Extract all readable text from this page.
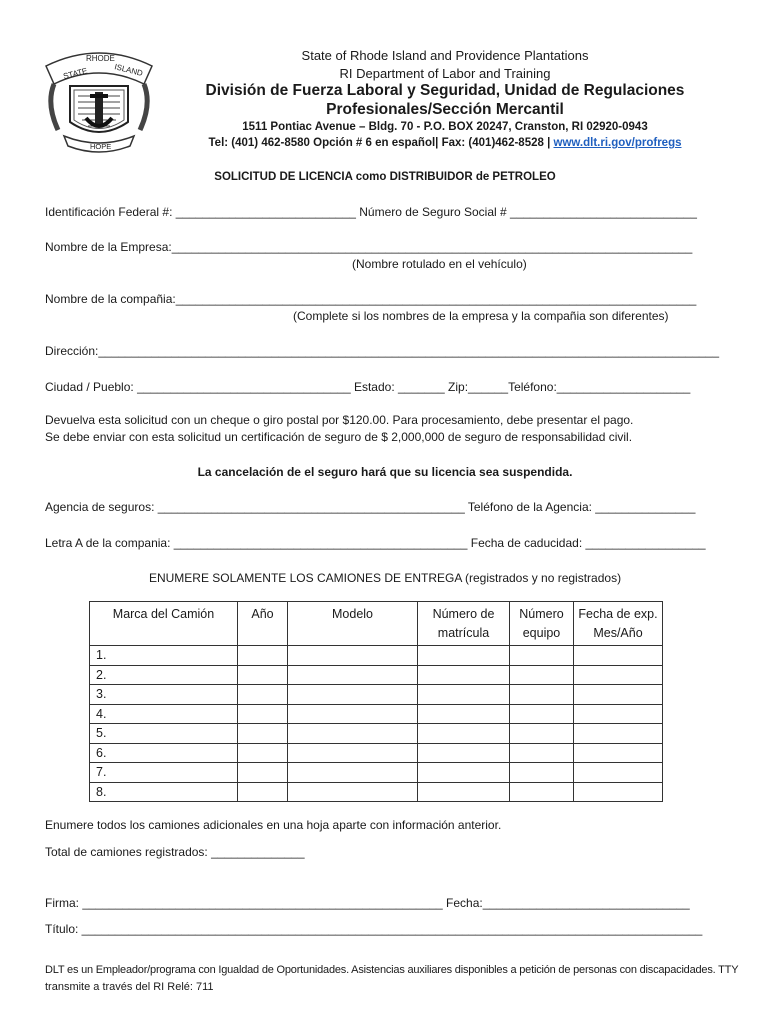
STATE
RHODE
ISLAND
HOPE
State of Rhode Island and Providence Plantations
RI Department of Labor and Training
División de Fuerza Laboral y Seguridad, Unidad de Regulaciones
Profesionales/Sección Mercantil
1511 Pontiac Avenue – Bldg. 70 - P.O. BOX 20247, Cranston, RI 02920-0943
Tel: (401) 462-8580 Opción # 6 en español| Fax: (401)462-8528 | www.dlt.ri.gov/profregs
SOLICITUD DE LICENCIA como DISTRIBUIDOR de PETROLEO
Identificación Federal #: ___________________________ Número de Seguro Social # ____________________________
Nombre de la Empresa:______________________________________________________________________________
(Nombre rotulado en el vehículo)
Nombre de la compañia:______________________________________________________________________________
(Complete si los nombres de la empresa y la compañia son diferentes)
Dirección:_____________________________________________________________________________________________
Ciudad / Pueblo: ________________________________ Estado: _______ Zip:______Teléfono:____________________
Devuelva esta solicitud con un cheque o giro postal por $120.00. Para procesamiento, debe presentar el pago.
Se debe enviar con esta solicitud un certificación de seguro de $ 2,000,000 de seguro de responsabilidad civil.
La cancelación de el seguro hará que su licencia sea suspendida.
Agencia de seguros: ______________________________________________ Teléfono de la Agencia: _______________
Letra A de la compania: ____________________________________________ Fecha de caducidad: __________________
ENUMERE SOLAMENTE LOS CAMIONES DE ENTREGA (registrados y no registrados)
Marca del Camión	Año	Modelo	Número de matrícula	Número equipo	Fecha de exp. Mes/Año
1.					
2.					
3.					
4.					
5.					
6.					
7.					
8.					
Enumere todos los camiones adicionales en una hoja aparte con información anterior.
Total de camiones registrados: ______________
Firma: ______________________________________________________ Fecha:_______________________________
Título: _____________________________________________________________________________________________
DLT es un Empleador/programa con Igualdad de Oportunidades. Asistencias auxiliares disponibles a petición de personas con discapacidades. TTY
transmite a través del RI Relé: 711
